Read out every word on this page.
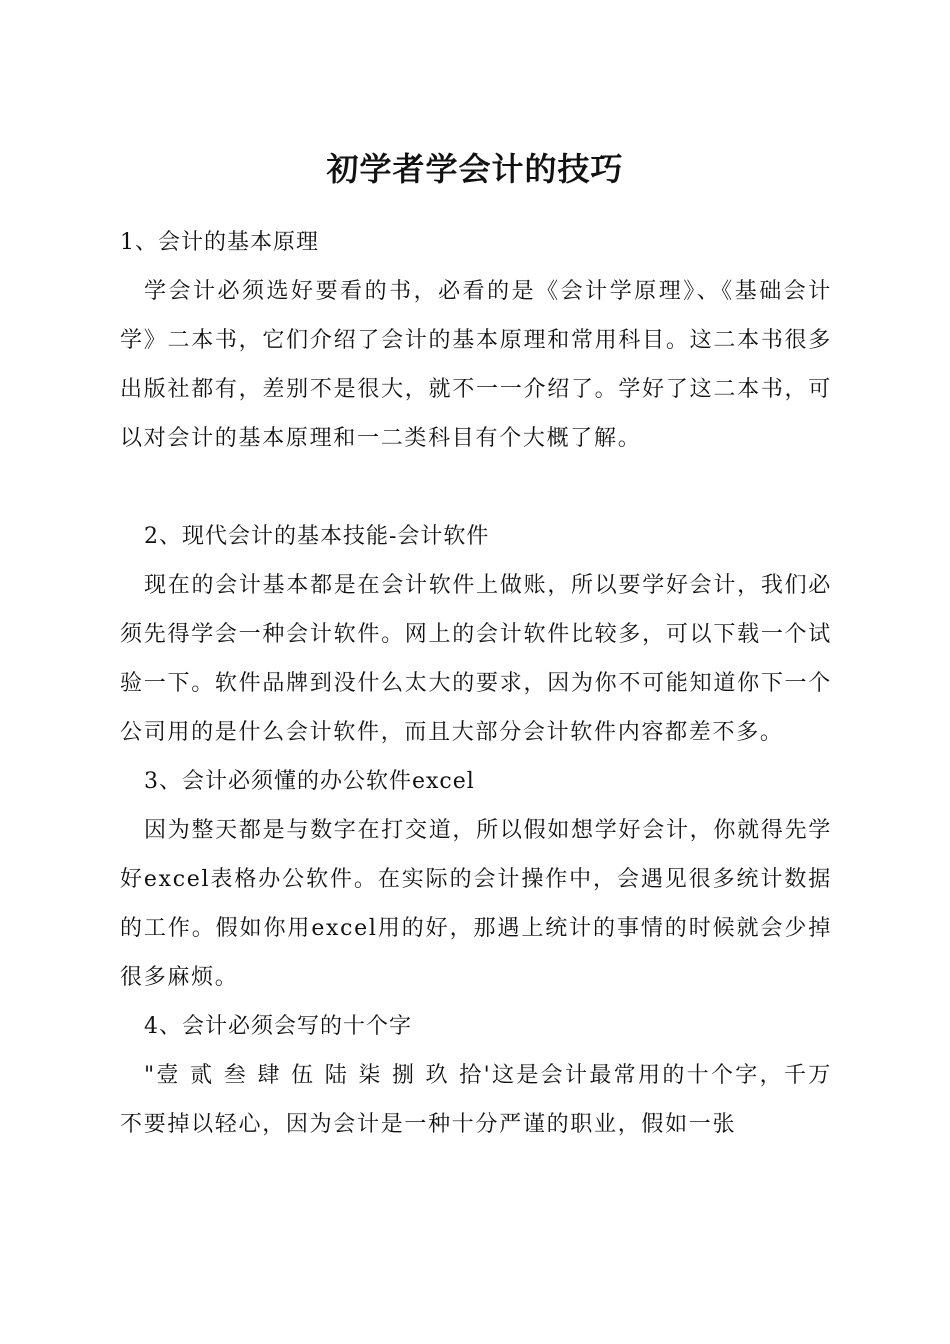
初学者学会计的技巧

1、会计的基本原理

学会计必须选好要看的书，必看的是《会计学原理》、《基础会计学》二本书，它们介绍了会计的基本原理和常用科目。这二本书很多出版社都有，差别不是很大，就不一一介绍了。学好了这二本书，可以对会计的基本原理和一二类科目有个大概了解。

2、现代会计的基本技能-会计软件

现在的会计基本都是在会计软件上做账，所以要学好会计，我们必须先得学会一种会计软件。网上的会计软件比较多，可以下载一个试验一下。软件品牌到没什么太大的要求，因为你不可能知道你下一个公司用的是什么会计软件，而且大部分会计软件内容都差不多。

3、会计必须懂的办公软件excel

因为整天都是与数字在打交道，所以假如想学好会计，你就得先学好excel表格办公软件。在实际的会计操作中，会遇见很多统计数据的工作。假如你用excel用的好，那遇上统计的事情的时候就会少掉很多麻烦。

4、会计必须会写的十个字

"壹 贰 叁 肆 伍 陆 柒 捌 玖 拾'这是会计最常用的十个字，千万不要掉以轻心，因为会计是一种十分严谨的职业，假如一张
